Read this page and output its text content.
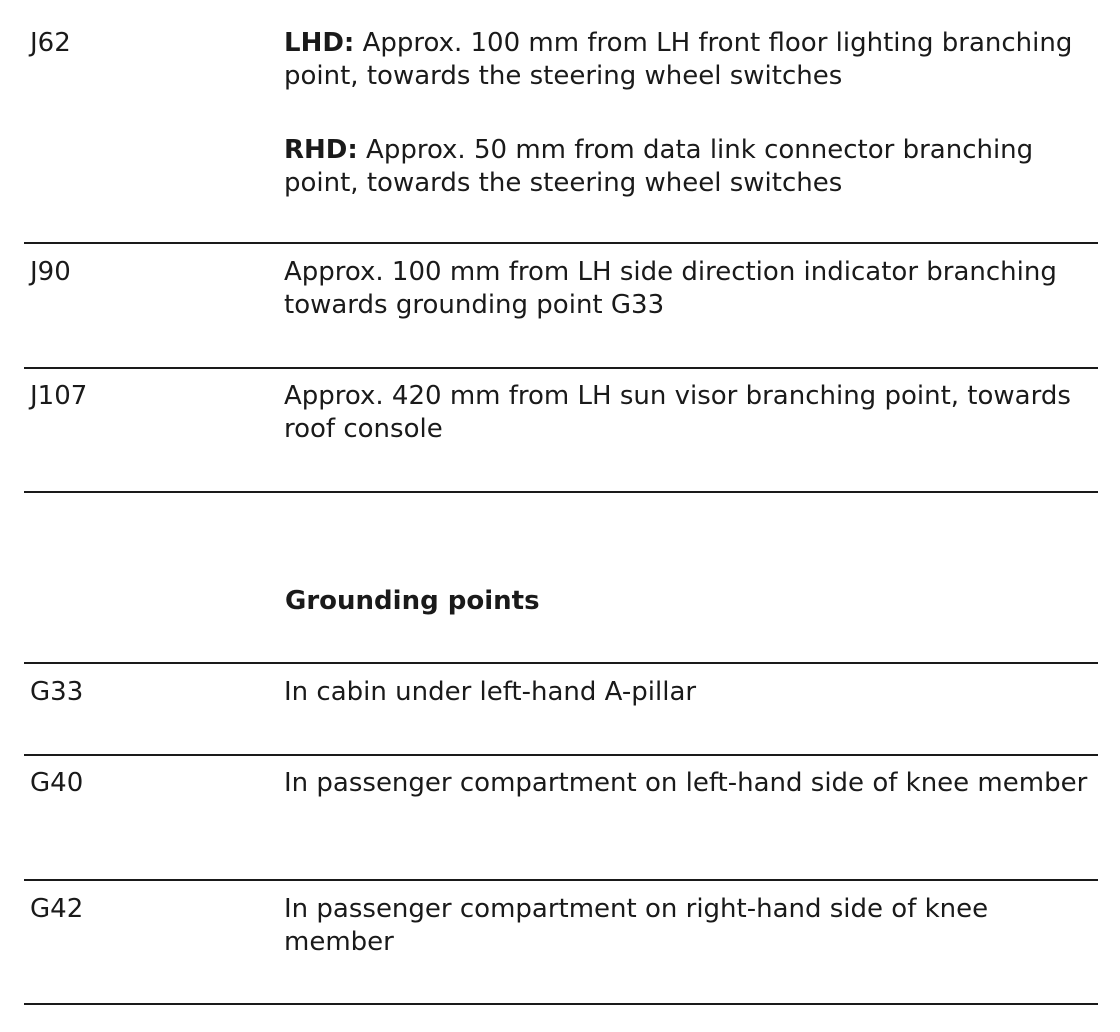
J62	LHD: Approx. 100 mm from LH front floor lighting branching point, towards the steering wheel switches

RHD: Approx. 50 mm from data link connector branching point, towards the steering wheel switches

J90	Approx. 100 mm from LH side direction indicator branching towards grounding point G33
J107	Approx. 420 mm from LH sun visor branching point, towards roof console
Grounding points
G33	In cabin under left-hand A-pillar
G40	In passenger compartment on left-hand side of knee member
G42	In passenger compartment on right-hand side of knee member
